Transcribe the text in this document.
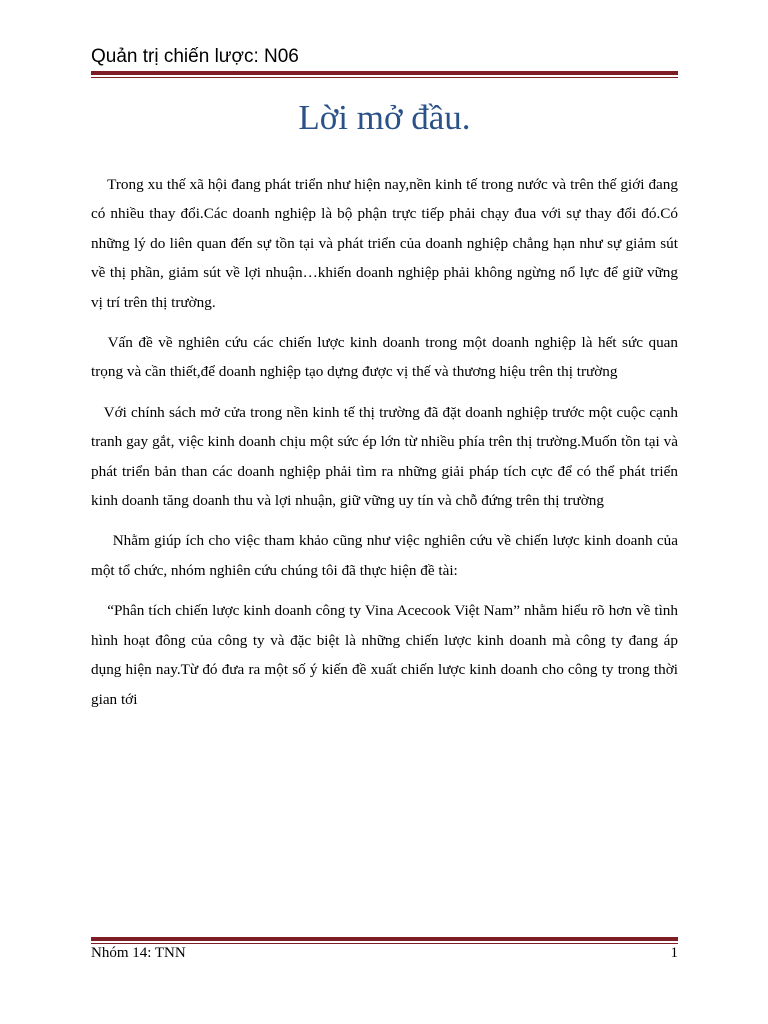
Quản trị chiến lược: N06
Lời mở đầu.

Trong xu thế xã hội đang phát triển như hiện nay,nền kinh tế trong nước và trên thế giới đang có nhiều thay đổi.Các doanh nghiệp là bộ phận trực tiếp phải chạy đua với sự thay đổi đó.Có những lý do liên quan đến sự tồn tại và phát triển của doanh nghiệp chẳng hạn như sự giảm sút về thị phần, giảm sút về lợi nhuận…khiến doanh nghiệp phải không ngừng nổ lực để giữ vững vị trí trên thị trường.

Vấn đề về nghiên cứu các chiến lược kinh doanh trong một doanh nghiệp là hết sức quan trọng và cần thiết,để doanh nghiệp tạo dựng được vị thế và thương hiệu trên thị trường

Với chính sách mở cửa trong nền kinh tế thị trường đã đặt doanh nghiệp trước một cuộc cạnh tranh gay gắt, việc kinh doanh chịu một sức ép lớn từ nhiều phía trên thị trường.Muốn tồn tại và phát triển bản than các doanh nghiệp phải tìm ra những giải pháp tích cực để có thể phát triển kinh doanh tăng doanh thu và lợi nhuận, giữ vững uy tín và chỗ đứng trên thị trường

Nhằm giúp ích cho việc tham khảo cũng như việc nghiên cứu về chiến lược kinh doanh của một tổ chức, nhóm nghiên cứu chúng tôi đã thực hiện đề tài:

“Phân tích chiến lược kinh doanh công ty Vina Acecook Việt Nam” nhằm hiểu rõ hơn về tình hình hoạt đông của công ty và đặc biệt là những chiến lược kinh doanh mà công ty đang áp dụng hiện nay.Từ đó đưa ra một số ý kiến đề xuất chiến lược kinh doanh cho công ty trong thời gian tới

Nhóm 14: TNN	1
